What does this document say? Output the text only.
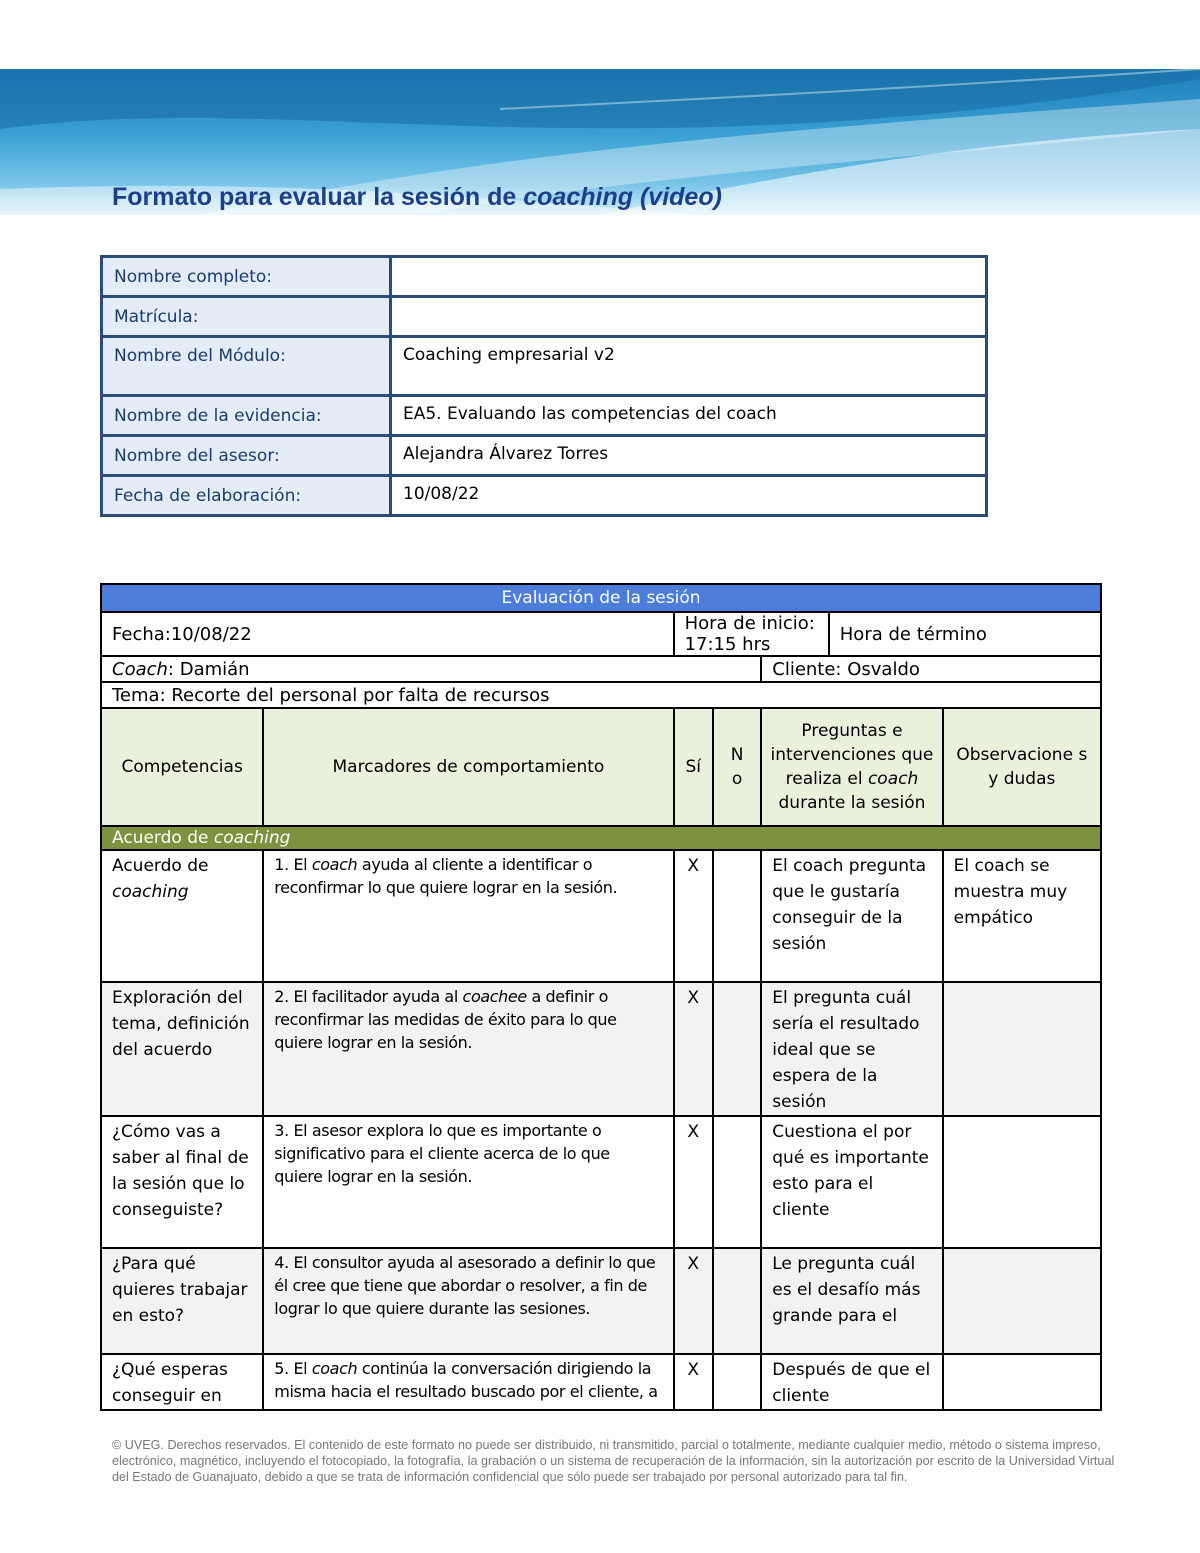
Formato para evaluar la sesión de coaching (video)
Nombre completo:	
Matrícula:	
Nombre del Módulo:	Coaching empresarial v2
Nombre de la evidencia:	EA5. Evaluando las competencias del coach
Nombre del asesor:	Alejandra Álvarez Torres
Fecha de elaboración:	10/08/22
Evaluación de la sesión						
Fecha:10/08/22		Hora de inicio: 17:15 hrs			Hora de término	
Coach: Damián				Cliente: Osvaldo		
Tema: Recorte del personal por falta de recursos						
Competencias	Marcadores de comportamiento	Sí	N o	Preguntas e intervenciones que realiza el coach durante la sesión		Observacione s y dudas
Acuerdo de coaching						
Acuerdo de coaching	1. El coach ayuda al cliente a identificar o reconfirmar lo que quiere lograr en la sesión.	X		El coach pregunta que le gustaría conseguir de la sesión		El coach se muestra muy empático
Exploración del tema, definición del acuerdo	2. El facilitador ayuda al coachee a definir o reconfirmar las medidas de éxito para lo que quiere lograr en la sesión.	X		El pregunta cuál sería el resultado ideal que se espera de la sesión		
¿Cómo vas a saber al final de la sesión que lo conseguiste?	3. El asesor explora lo que es importante o significativo para el cliente acerca de lo que quiere lograr en la sesión.	X		Cuestiona el por qué es importante esto para el cliente		
¿Para qué quieres trabajar en esto?	4. El consultor ayuda al asesorado a definir lo que él cree que tiene que abordar o resolver, a fin de lograr lo que quiere durante las sesiones.	X		Le pregunta cuál es el desafío más grande para el		
¿Qué esperas conseguir en	5. El coach continúa la conversación dirigiendo la misma hacia el resultado buscado por el cliente, a	X		Después de que el cliente		

© UVEG. Derechos reservados. El contenido de este formato no puede ser distribuido, ni transmitido, parcial o totalmente, mediante cualquier medio, método o sistema impreso, electrónico, magnético, incluyendo el fotocopiado, la fotografía, la grabación o un sistema de recuperación de la información, sin la autorización por escrito de la Universidad Virtual del Estado de Guanajuato, debido a que se trata de información confidencial que sólo puede ser trabajado por personal autorizado para tal fin.
